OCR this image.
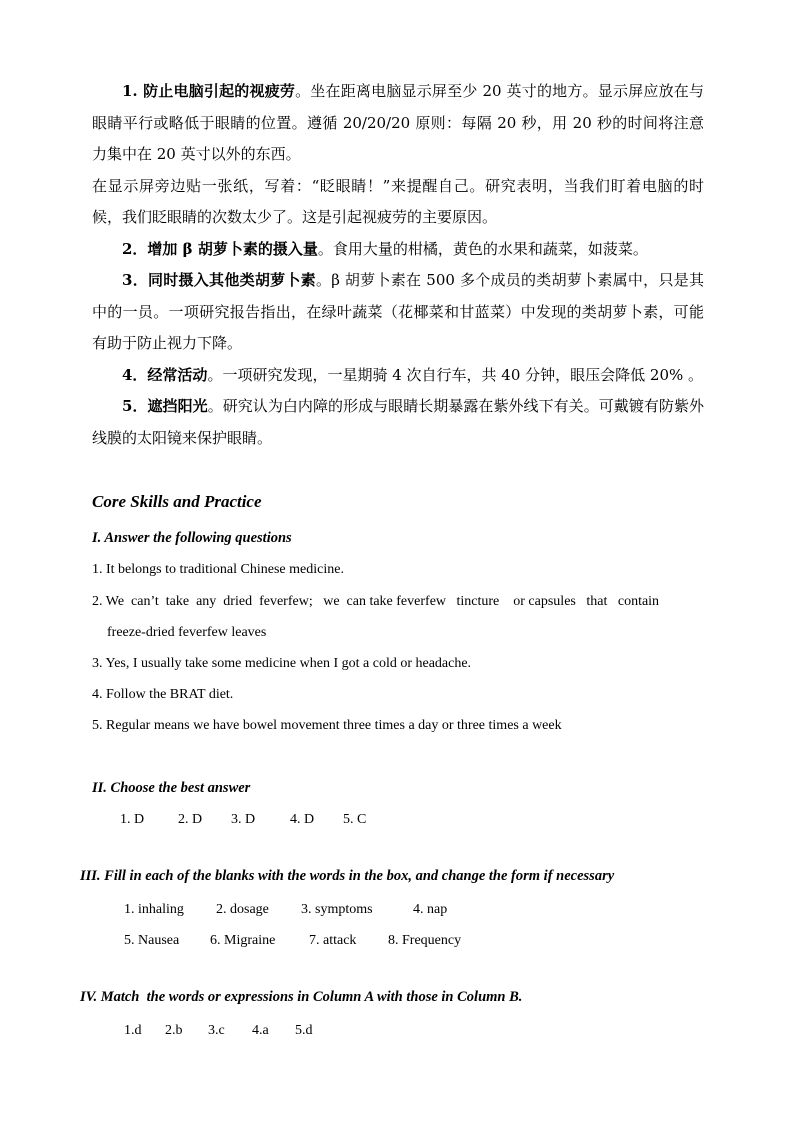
1. 防止电脑引起的视疲劳。坐在距离电脑显示屏至少 20 英寸的地方。显示屏应放在与眼睛平行或略低于眼睛的位置。遵循 20/20/20 原则：每隔 20 秒，用 20 秒的时间将注意力集中在 20 英寸以外的东西。

在显示屏旁边贴一张纸，写着：“眨眼睛！”来提醒自己。研究表明，当我们盯着电脑的时候，我们眨眼睛的次数太少了。这是引起视疲劳的主要原因。

2．增加 β 胡萝卜素的摄入量。食用大量的柑橘，黄色的水果和蔬菜，如菠菜。

3．同时摄入其他类胡萝卜素。β 胡萝卜素在 500 多个成员的类胡萝卜素属中，只是其中的一员。一项研究报告指出，在绿叶蔬菜（花椰菜和甘蓝菜）中发现的类胡萝卜素，可能有助于防止视力下降。

4．经常活动。一项研究发现，一星期骑 4 次自行车，共 40 分钟，眼压会降低 20% 。

5．遮挡阳光。研究认为白内障的形成与眼睛长期暴露在紫外线下有关。可戴镀有防紫外线膜的太阳镜来保护眼睛。

Core Skills and Practice
I. Answer the following questions
1. It belongs to traditional Chinese medicine.
2. We  can’t  take  any  dried  feverfew;   we  can take feverfew   tincture    or capsules   that   contain
freeze-dried feverfew leaves
3. Yes, I usually take some medicine when I got a cold or headache.
4. Follow the BRAT diet.
5. Regular means we have bowel movement three times a day or three times a week
II. Choose the best answer
1. D 2. D 3. D 4. D 5. C
III. Fill in each of the blanks with the words in the box, and change the form if necessary
1. inhaling 2. dosage 3. symptoms	4. nap
5. Nausea 6. Migraine 7. attack 8. Frequency
IV. Match  the words or expressions in Column A with those in Column B.
1.d 2.b 3.c 4.a 5.d
